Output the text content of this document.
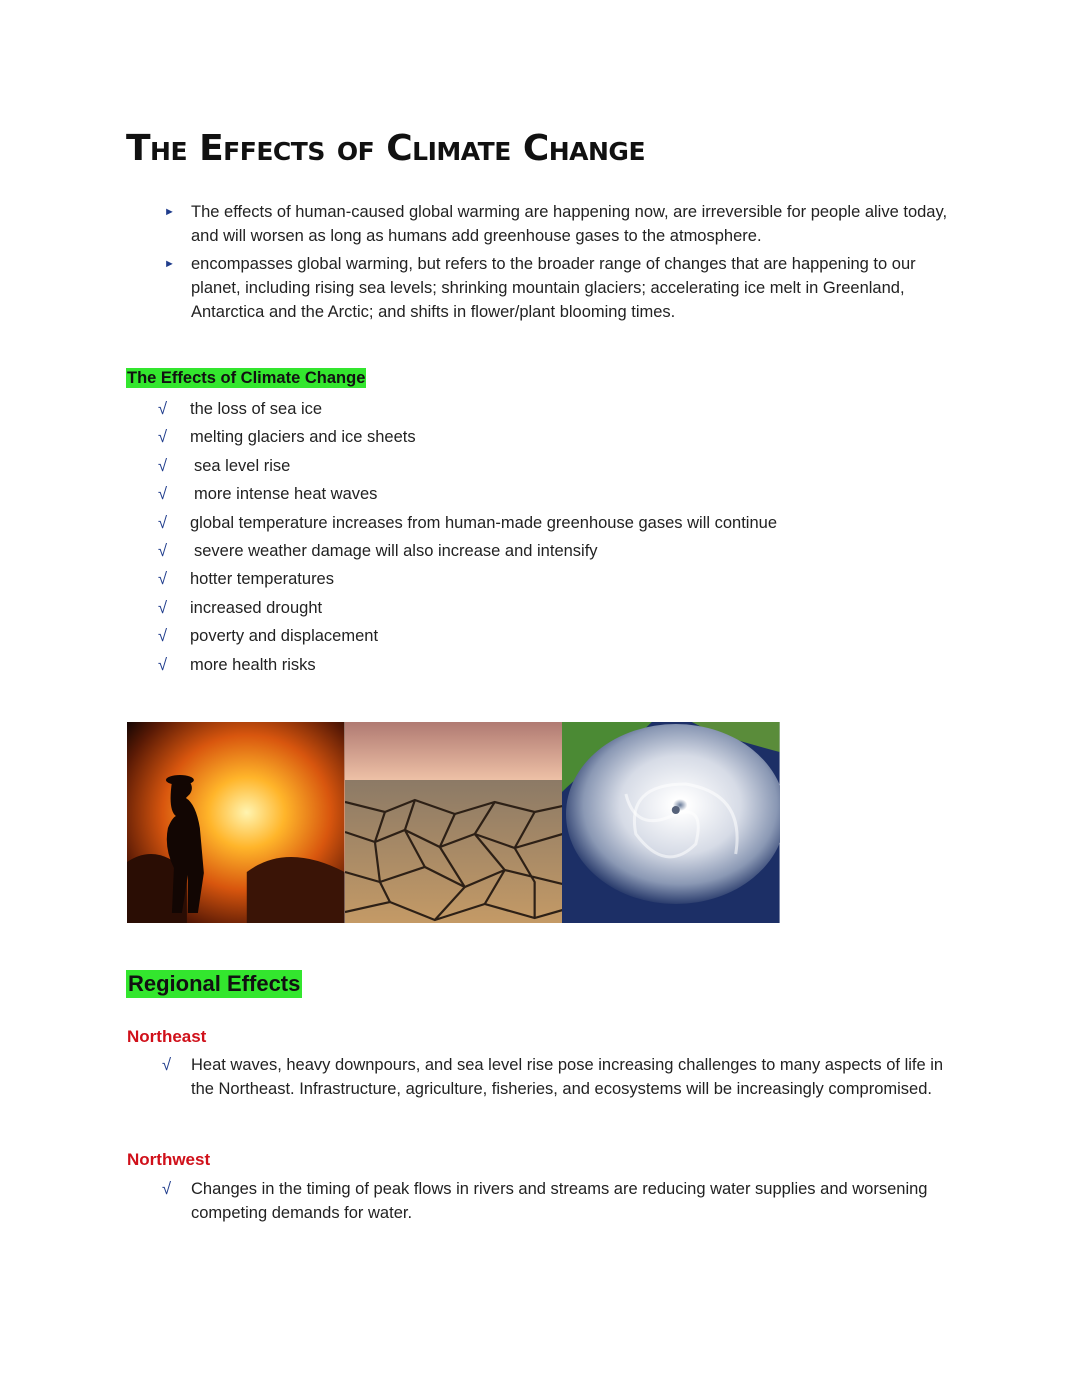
The Effects of Climate Change
► The effects of human-caused global warming are happening now, are irreversible for people alive today, and will worsen as long as humans add greenhouse gases to the atmosphere.
► encompasses global warming, but refers to the broader range of changes that are happening to our planet, including rising sea levels; shrinking mountain glaciers; accelerating ice melt in Greenland, Antarctica and the Arctic; and shifts in flower/plant blooming times.
The Effects of Climate Change
√ the loss of sea ice
√ melting glaciers and ice sheets
√ sea level rise
√ more intense heat waves
√ global temperature increases from human-made greenhouse gases will continue
√ severe weather damage will also increase and intensify
√ hotter temperatures
√ increased drought
√ poverty and displacement
√ more health risks
Regional Effects
Northeast
√ Heat waves, heavy downpours, and sea level rise pose increasing challenges to many aspects of life in the Northeast. Infrastructure, agriculture, fisheries, and ecosystems will be increasingly compromised.
Northwest
√ Changes in the timing of peak flows in rivers and streams are reducing water supplies and worsening competing demands for water.
